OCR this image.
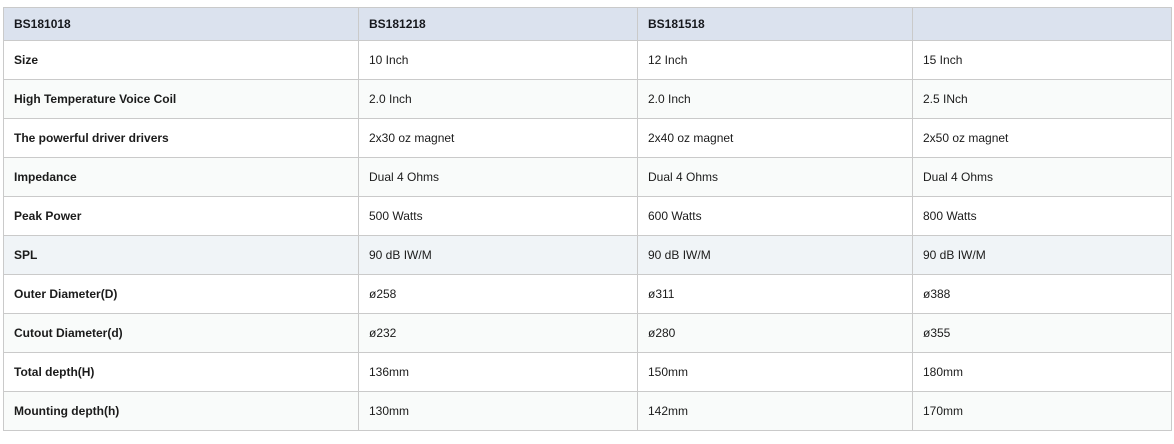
BS181018	BS181218	BS181518	
Size	10 Inch	12 Inch	15 Inch
High Temperature Voice Coil	2.0 Inch	2.0 Inch	2.5 INch
The powerful driver drivers	2x30 oz magnet	2x40 oz magnet	2x50 oz magnet
Impedance	Dual 4 Ohms	Dual 4 Ohms	Dual 4 Ohms
Peak Power	500 Watts	600 Watts	800 Watts
SPL	90 dB IW/M	90 dB IW/M	90 dB IW/M
Outer Diameter(D)	ø258	ø311	ø388
Cutout Diameter(d)	ø232	ø280	ø355
Total depth(H)	136mm	150mm	180mm
Mounting depth(h)	130mm	142mm	170mm
